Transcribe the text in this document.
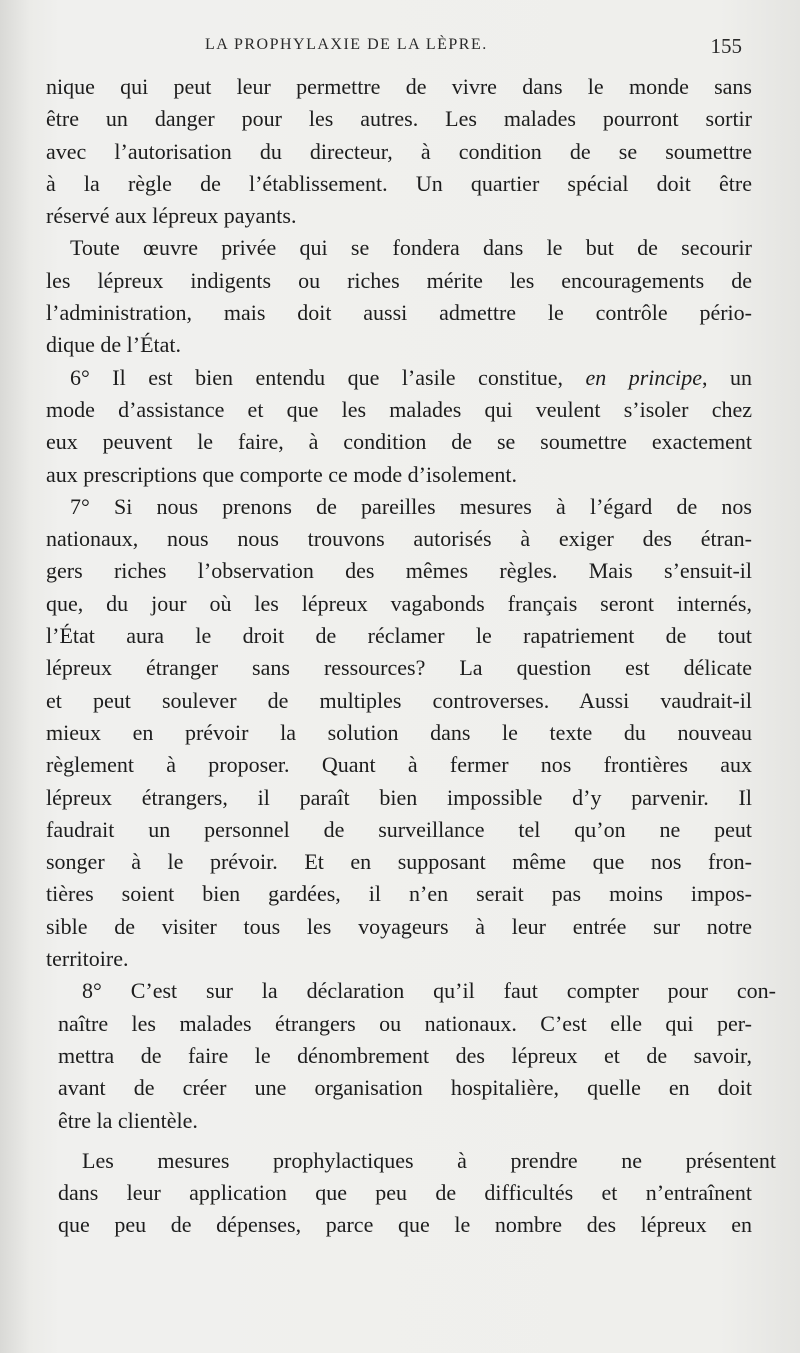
LA PROPHYLAXIE DE LA LÈPRE.	155
nique qui peut leur permettre de vivre dans le monde sans
être un danger pour les autres. Les malades pourront sortir
avec l’autorisation du directeur, à condition de se soumettre
à la règle de l’établissement. Un quartier spécial doit être
réservé aux lépreux payants.
Toute œuvre privée qui se fondera dans le but de secourir
les lépreux indigents ou riches mérite les encouragements de
l’administration, mais doit aussi admettre le contrôle pério-
dique de l’État.
6° Il est bien entendu que l’asile constitue, en principe, un
mode d’assistance et que les malades qui veulent s’isoler chez
eux peuvent le faire, à condition de se soumettre exactement
aux prescriptions que comporte ce mode d’isolement.
7° Si nous prenons de pareilles mesures à l’égard de nos
nationaux, nous nous trouvons autorisés à exiger des étran-
gers riches l’observation des mêmes règles. Mais s’ensuit-il
que, du jour où les lépreux vagabonds français seront internés,
l’État aura le droit de réclamer le rapatriement de tout
lépreux étranger sans ressources? La question est délicate
et peut soulever de multiples controverses. Aussi vaudrait-il
mieux en prévoir la solution dans le texte du nouveau
règlement à proposer. Quant à fermer nos frontières aux
lépreux étrangers, il paraît bien impossible d’y parvenir. Il
faudrait un personnel de surveillance tel qu’on ne peut
songer à le prévoir. Et en supposant même que nos fron-
tières soient bien gardées, il n’en serait pas moins impos-
sible de visiter tous les voyageurs à leur entrée sur notre
territoire.
8° C’est sur la déclaration qu’il faut compter pour con-
naître les malades étrangers ou nationaux. C’est elle qui per-
mettra de faire le dénombrement des lépreux et de savoir,
avant de créer une organisation hospitalière, quelle en doit
être la clientèle.
Les mesures prophylactiques à prendre ne présentent
dans leur application que peu de difficultés et n’entraînent
que peu de dépenses, parce que le nombre des lépreux en
